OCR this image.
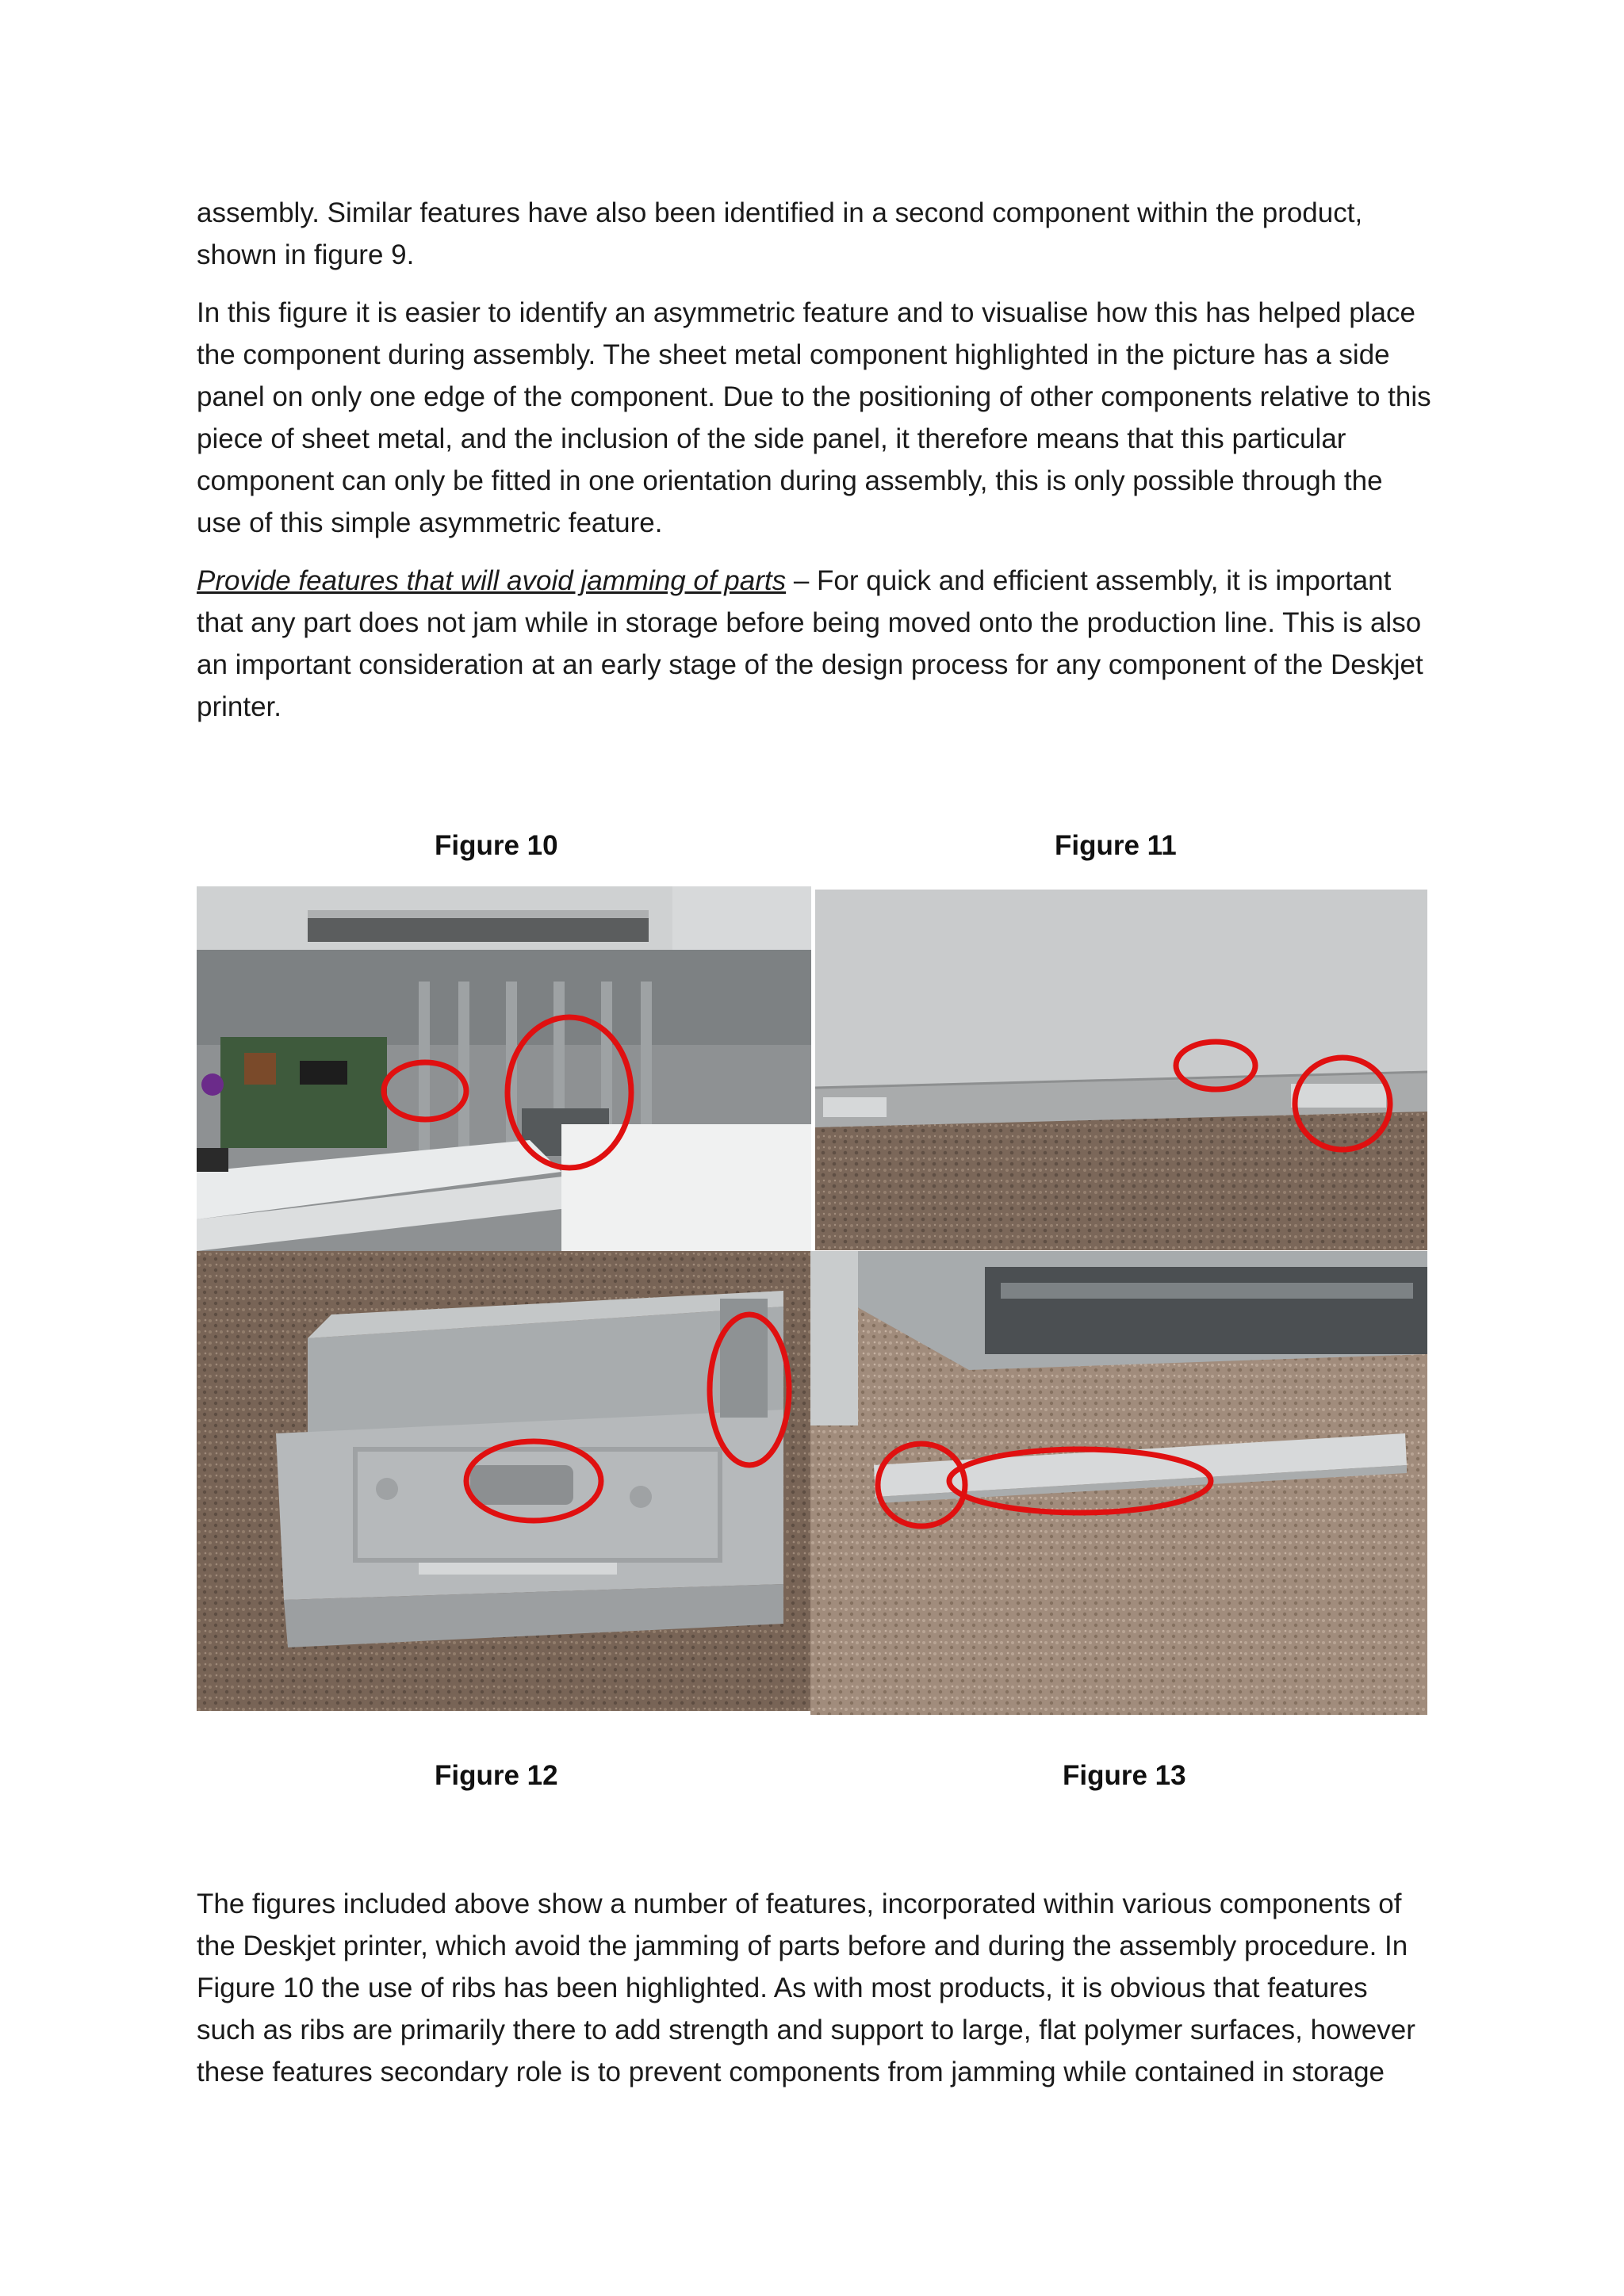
assembly. Similar features have also been identified in a second component within the product, shown in figure 9.

In this figure it is easier to identify an asymmetric feature and to visualise how this has helped place the component during assembly. The sheet metal component highlighted in the picture has a side panel on only one edge of the component. Due to the positioning of other components relative to this piece of sheet metal, and the inclusion of the side panel, it therefore means that this particular component can only be fitted in one orientation during assembly, this is only possible through the use of this simple asymmetric feature.

Provide features that will avoid jamming of parts – For quick and efficient assembly, it is important that any part does not jam while in storage before being moved onto the production line. This is also an important consideration at an early stage of the design process for any component of the Deskjet printer.

Figure 10	Figure 11
Figure 12	Figure 13

The figures included above show a number of features, incorporated within various components of the Deskjet printer, which avoid the jamming of parts before and during the assembly procedure. In Figure 10 the use of ribs has been highlighted. As with most products, it is obvious that features such as ribs are primarily there to add strength and support to large, flat polymer surfaces, however these features secondary role is to prevent components from jamming while contained in storage
